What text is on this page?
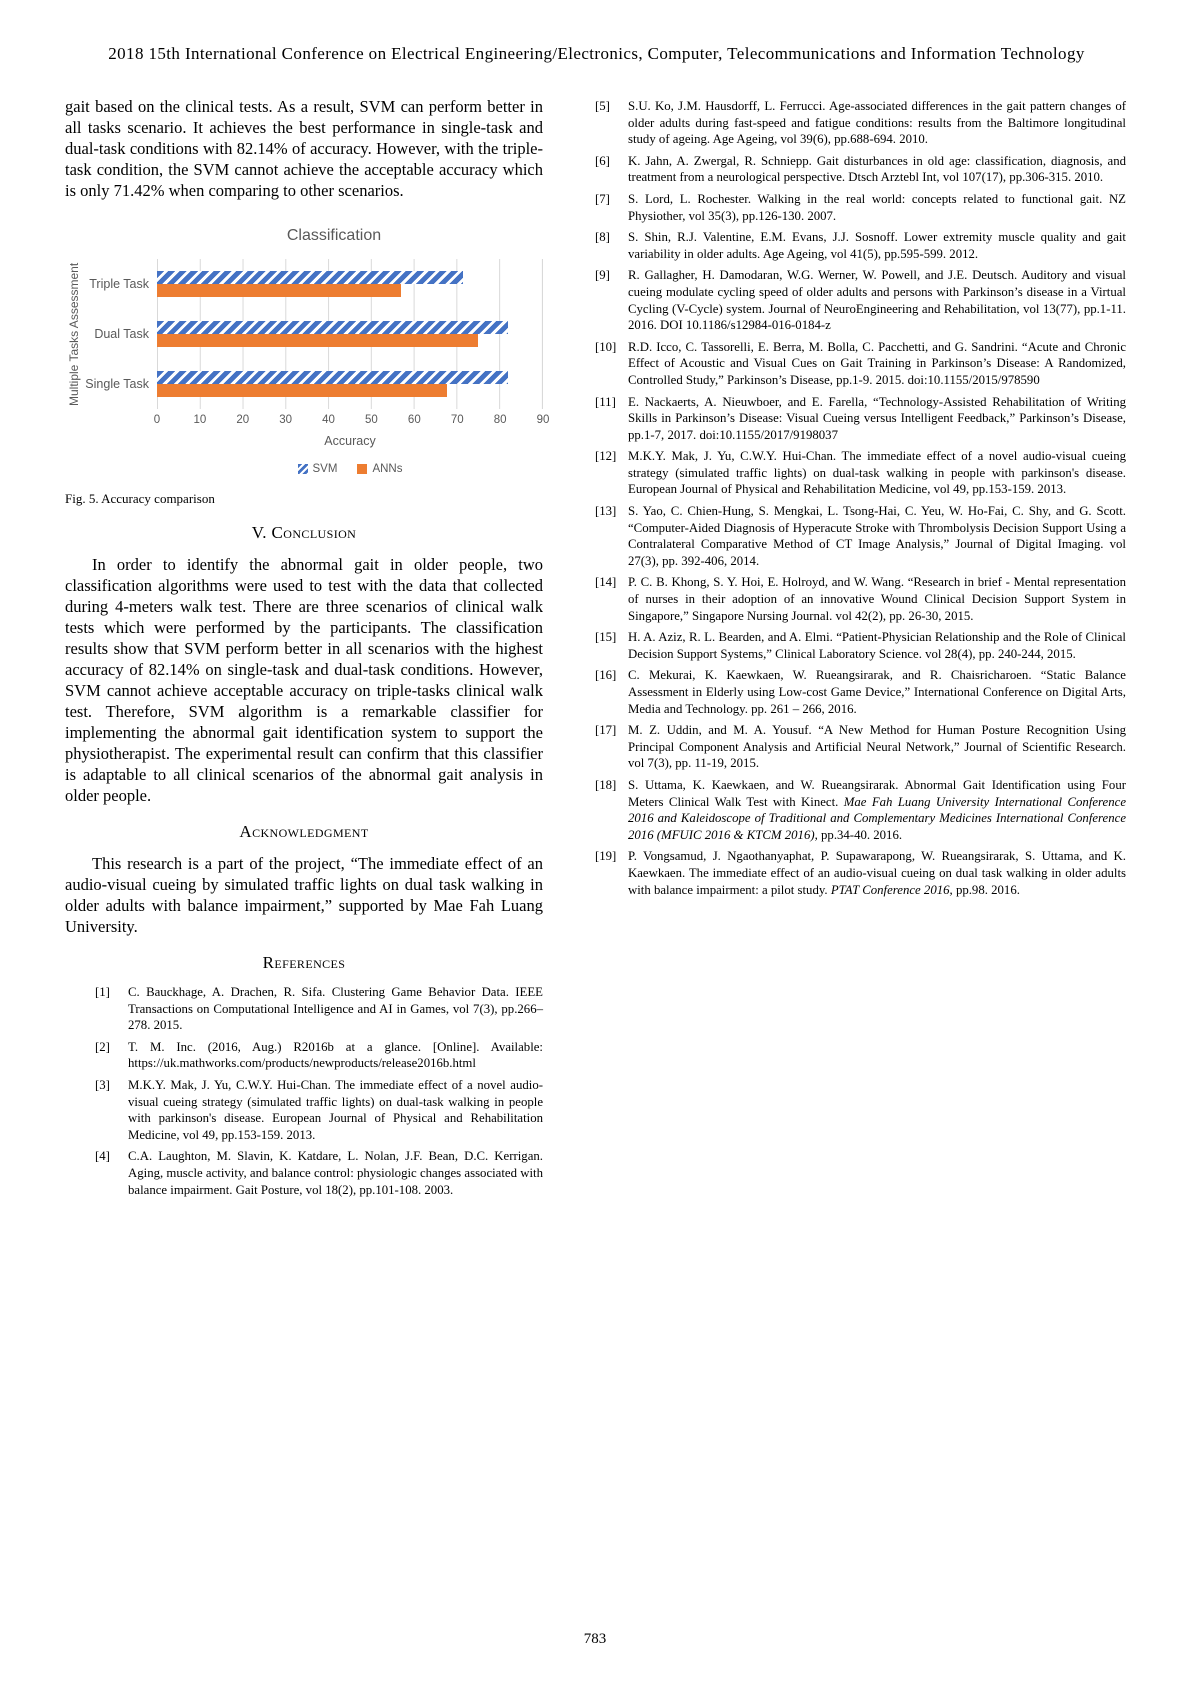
2018 15th International Conference on Electrical Engineering/Electronics, Computer, Telecommunications and Information Technology

gait based on the clinical tests. As a result, SVM can perform better in all tasks scenario. It achieves the best performance in single-task and dual-task conditions with 82.14% of accuracy. However, with the triple-task condition, the SVM cannot achieve the acceptable accuracy which is only 71.42% when comparing to other scenarios.

Classification
Multiple Tasks Assessment Triple Task
Dual Task
Single Task
0	10	20	30	40	50	60	70	80	90
Accuracy
SVM	ANNs
Fig. 5. Accuracy comparison
V. Conclusion

In order to identify the abnormal gait in older people, two classification algorithms were used to test with the data that collected during 4-meters walk test. There are three scenarios of clinical walk tests which were performed by the participants. The classification results show that SVM perform better in all scenarios with the highest accuracy of 82.14% on single-task and dual-task conditions. However, SVM cannot achieve acceptable accuracy on triple-tasks clinical walk test. Therefore, SVM algorithm is a remarkable classifier for implementing the abnormal gait identification system to support the physiotherapist. The experimental result can confirm that this classifier is adaptable to all clinical scenarios of the abnormal gait analysis in older people.

Acknowledgment

This research is a part of the project, “The immediate effect of an audio-visual cueing by simulated traffic lights on dual task walking in older adults with balance impairment,” supported by Mae Fah Luang University.

References
[1]	C. Bauckhage, A. Drachen, R. Sifa. Clustering Game Behavior Data. IEEE Transactions on Computational Intelligence and AI in Games, vol 7(3), pp.266–278. 2015.
[2]	T. M. Inc. (2016, Aug.) R2016b at a glance. [Online]. Available: https://uk.mathworks.com/products/newproducts/release2016b.html
[3]	M.K.Y. Mak, J. Yu, C.W.Y. Hui-Chan. The immediate effect of a novel audio-visual cueing strategy (simulated traffic lights) on dual-task walking in people with parkinson's disease. European Journal of Physical and Rehabilitation Medicine, vol 49, pp.153-159. 2013.
[4]	C.A. Laughton, M. Slavin, K. Katdare, L. Nolan, J.F. Bean, D.C. Kerrigan. Aging, muscle activity, and balance control: physiologic changes associated with balance impairment. Gait Posture, vol 18(2), pp.101-108. 2003.
[5]	S.U. Ko, J.M. Hausdorff, L. Ferrucci. Age-associated differences in the gait pattern changes of older adults during fast-speed and fatigue conditions: results from the Baltimore longitudinal study of ageing. Age Ageing, vol 39(6), pp.688-694. 2010.
[6]	K. Jahn, A. Zwergal, R. Schniepp. Gait disturbances in old age: classification, diagnosis, and treatment from a neurological perspective. Dtsch Arztebl Int, vol 107(17), pp.306-315. 2010.
[7]	S. Lord, L. Rochester. Walking in the real world: concepts related to functional gait. NZ Physiother, vol 35(3), pp.126-130. 2007.
[8]	S. Shin, R.J. Valentine, E.M. Evans, J.J. Sosnoff. Lower extremity muscle quality and gait variability in older adults. Age Ageing, vol 41(5), pp.595-599. 2012.
[9]	R. Gallagher, H. Damodaran, W.G. Werner, W. Powell, and J.E. Deutsch. Auditory and visual cueing modulate cycling speed of older adults and persons with Parkinson’s disease in a Virtual Cycling (V-Cycle) system. Journal of NeuroEngineering and Rehabilitation, vol 13(77), pp.1-11. 2016. DOI 10.1186/s12984-016-0184-z
[10] R.D. Icco, C. Tassorelli, E. Berra, M. Bolla, C. Pacchetti, and G. Sandrini. “Acute and Chronic Effect of Acoustic and Visual Cues on Gait Training in Parkinson’s Disease: A Randomized, Controlled Study,” Parkinson’s Disease, pp.1-9. 2015. doi:10.1155/2015/978590
[11] E. Nackaerts, A. Nieuwboer, and E. Farella, “Technology-Assisted Rehabilitation of Writing Skills in Parkinson’s Disease: Visual Cueing versus Intelligent Feedback,” Parkinson’s Disease, pp.1-7, 2017. doi:10.1155/2017/9198037
[12] M.K.Y. Mak, J. Yu, C.W.Y. Hui-Chan. The immediate effect of a novel audio-visual cueing strategy (simulated traffic lights) on dual-task walking in people with parkinson's disease. European Journal of Physical and Rehabilitation Medicine, vol 49, pp.153-159. 2013.
[13] S. Yao, C. Chien-Hung, S. Mengkai, L. Tsong-Hai, C. Yeu, W. Ho-Fai, C. Shy, and G. Scott. “Computer-Aided Diagnosis of Hyperacute Stroke with Thrombolysis Decision Support Using a Contralateral Comparative Method of CT Image Analysis,” Journal of Digital Imaging. vol 27(3), pp. 392-406, 2014.
[14] P. C. B. Khong, S. Y. Hoi, E. Holroyd, and W. Wang. “Research in brief - Mental representation of nurses in their adoption of an innovative Wound Clinical Decision Support System in Singapore,” Singapore Nursing Journal. vol 42(2), pp. 26-30, 2015.
[15] H. A. Aziz, R. L. Bearden, and A. Elmi. “Patient-Physician Relationship and the Role of Clinical Decision Support Systems,” Clinical Laboratory Science. vol 28(4), pp. 240-244, 2015.
[16] C. Mekurai, K. Kaewkaen, W. Rueangsirarak, and R. Chaisricharoen. “Static Balance Assessment in Elderly using Low-cost Game Device,” International Conference on Digital Arts, Media and Technology. pp. 261 – 266, 2016.
[17] M. Z. Uddin, and M. A. Yousuf. “A New Method for Human Posture Recognition Using Principal Component Analysis and Artificial Neural Network,” Journal of Scientific Research. vol 7(3), pp. 11-19, 2015.
[18] S. Uttama, K. Kaewkaen, and W. Rueangsirarak. Abnormal Gait Identification using Four Meters Clinical Walk Test with Kinect. Mae Fah Luang University International Conference 2016 and Kaleidoscope of Traditional and Complementary Medicines International Conference 2016 (MFUIC 2016 & KTCM 2016), pp.34-40. 2016.
[19] P. Vongsamud, J. Ngaothanyaphat, P. Supawarapong, W. Rueangsirarak, S. Uttama, and K. Kaewkaen. The immediate effect of an audio-visual cueing on dual task walking in older adults with balance impairment: a pilot study. PTAT Conference 2016, pp.98. 2016.
783
